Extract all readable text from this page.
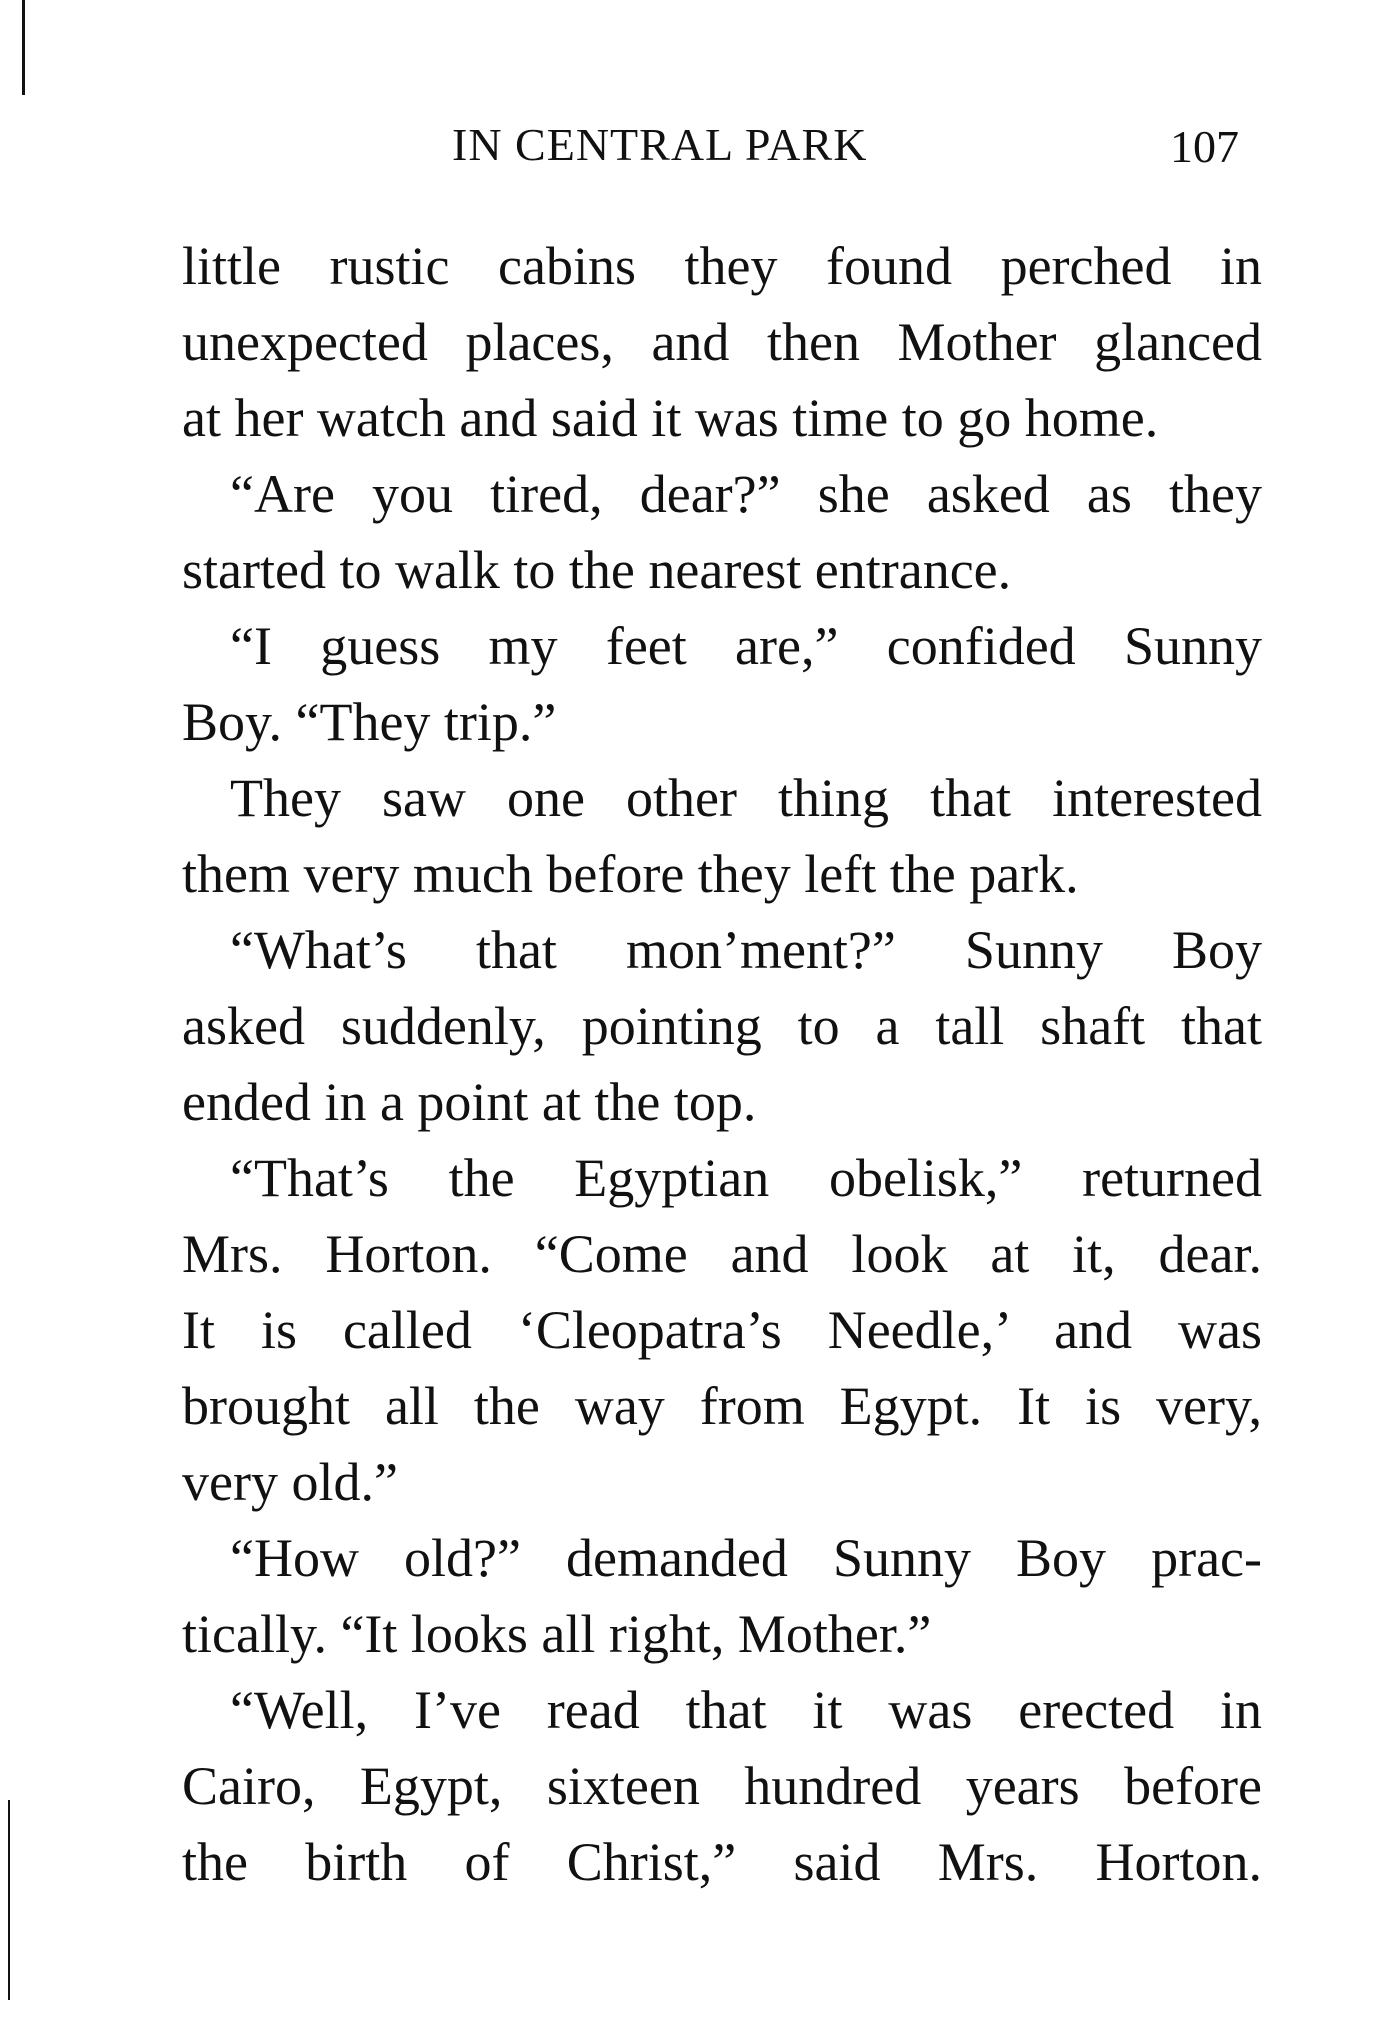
IN CENTRAL PARK	107
little rustic cabins they found perched in
unexpected places, and then Mother glanced
at her watch and said it was time to go home.
“Are you tired, dear?” she asked as they
started to walk to the nearest entrance.
“I guess my feet are,” confided Sunny
Boy. “They trip.”
They saw one other thing that interested
them very much before they left the park.
“What’s that mon’ment?” Sunny Boy
asked suddenly, pointing to a tall shaft that
ended in a point at the top.
“That’s the Egyptian obelisk,” returned
Mrs. Horton. “Come and look at it, dear.
It is called ‘Cleopatra’s Needle,’ and was
brought all the way from Egypt. It is very,
very old.”
“How old?” demanded Sunny Boy prac-
tically. “It looks all right, Mother.”
“Well, I’ve read that it was erected in
Cairo, Egypt, sixteen hundred years before
the birth of Christ,” said Mrs. Horton.
